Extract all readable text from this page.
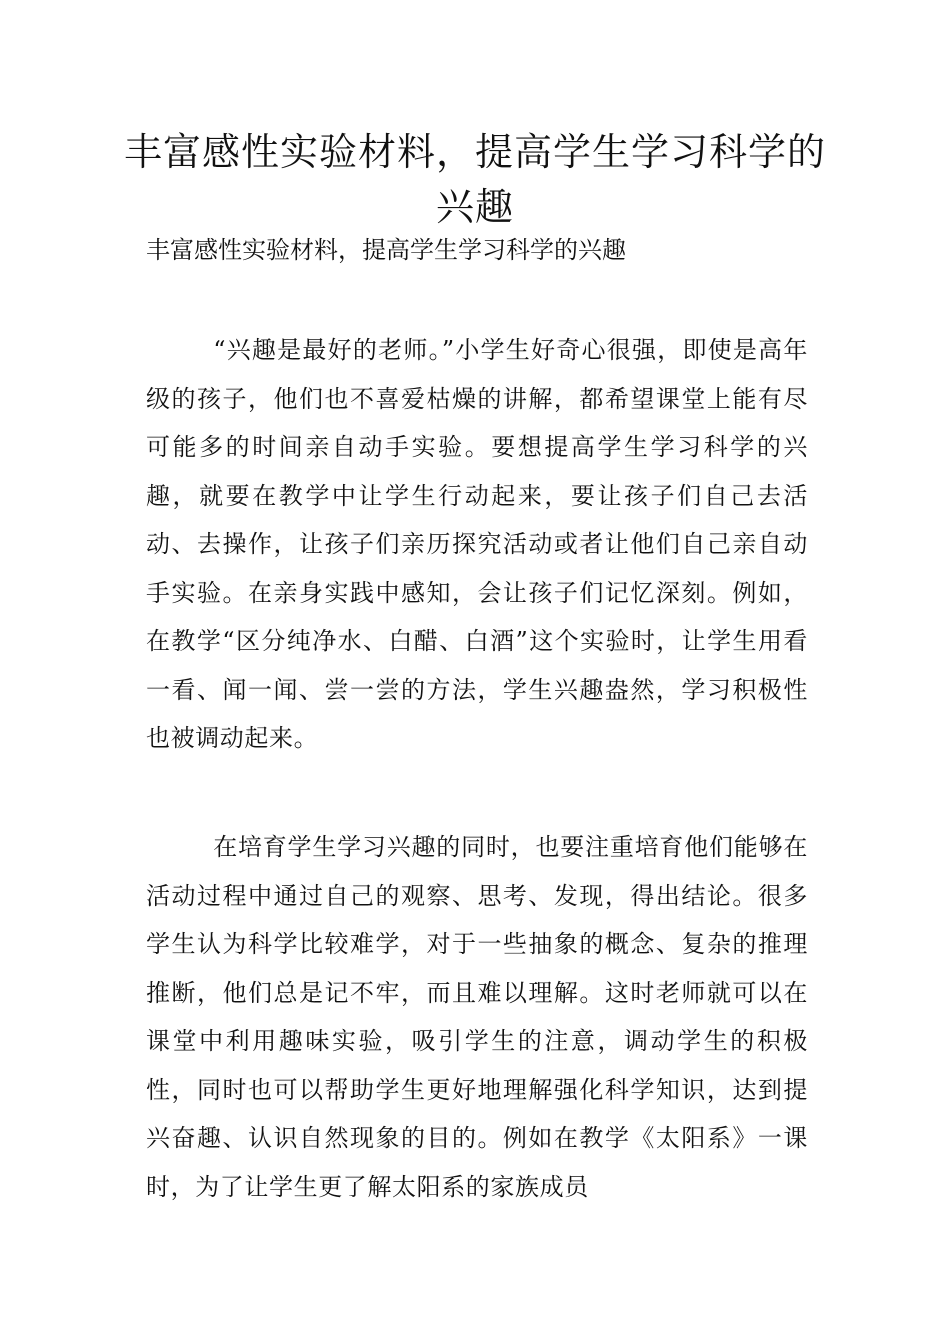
丰富感性实验材料，提高学生学习科学的兴趣

丰富感性实验材料，提高学生学习科学的兴趣

“兴趣是最好的老师。”小学生好奇心很强，即使是高年级的孩子，他们也不喜爱枯燥的讲解，都希望课堂上能有尽可能多的时间亲自动手实验。要想提高学生学习科学的兴趣，就要在教学中让学生行动起来，要让孩子们自己去活动、去操作，让孩子们亲历探究活动或者让他们自己亲自动手实验。在亲身实践中感知，会让孩子们记忆深刻。例如，在教学“区分纯净水、白醋、白酒”这个实验时，让学生用看一看、闻一闻、尝一尝的方法，学生兴趣盎然，学习积极性也被调动起来。

在培育学生学习兴趣的同时，也要注重培育他们能够在活动过程中通过自己的观察、思考、发现，得出结论。很多学生认为科学比较难学，对于一些抽象的概念、复杂的推理推断，他们总是记不牢，而且难以理解。这时老师就可以在课堂中利用趣味实验，吸引学生的注意，调动学生的积极性，同时也可以帮助学生更好地理解强化科学知识，达到提兴奋趣、认识自然现象的目的。例如在教学《太阳系》一课时，为了让学生更了解太阳系的家族成员
